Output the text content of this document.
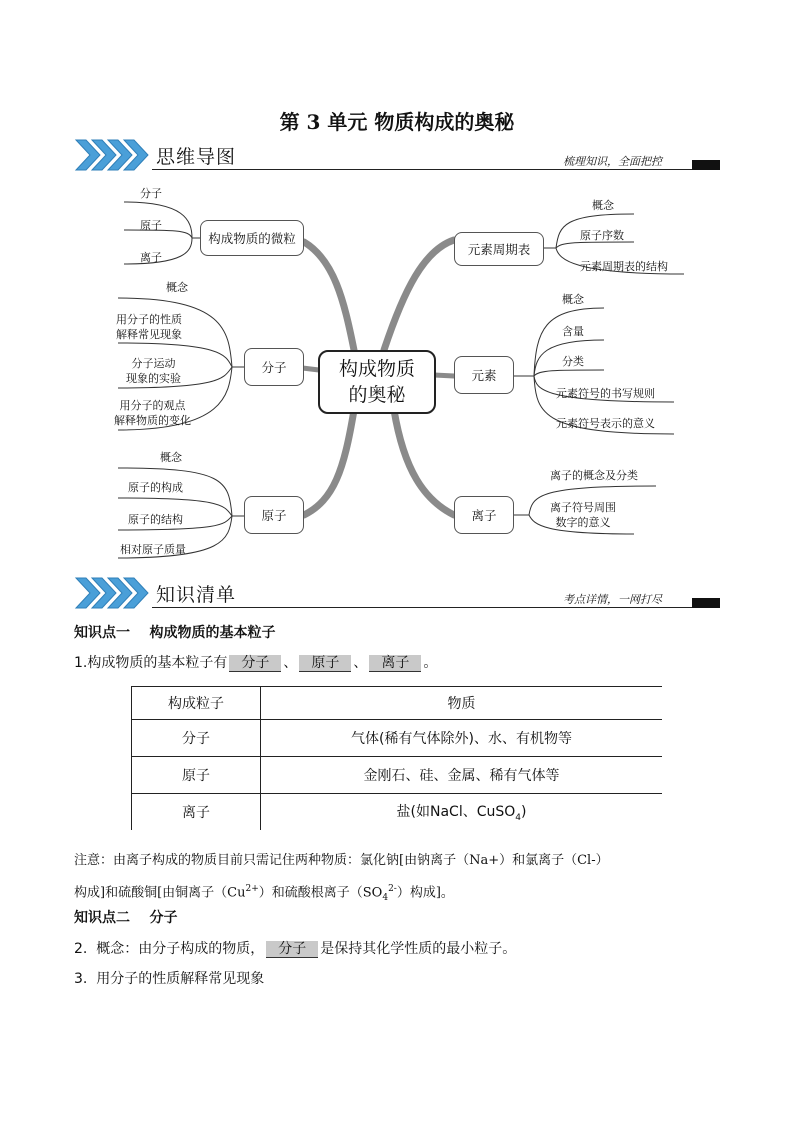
第 3 单元 物质构成的奥秘
思维导图	梳理知识，全面把控
构成物质
的奥秘
构成物质的微粒
分子
原子
元素周期表
元素
离子
分子
原子
离子
概念
用分子的性质
解释常见现象
分子运动
现象的实验
用分子的观点
解释物质的变化
概念
原子的构成
原子的结构
相对原子质量
概念
原子序数
元素周期表的结构
概念
含量
分类
元素符号的书写规则
元素符号表示的意义
离子的概念及分类
离子符号周围
数字的意义
知识清单	考点详情，一网打尽
知识点一    构成物质的基本粒子
1.构成物质的基本粒子有 分子 、 原子 、 离子 。
构成粒子	物质
分子	气体(稀有气体除外)、水、有机物等
原子	金刚石、硅、金属、稀有气体等
离子	盐(如NaCl、CuSO$_4$)
注意：由离子构成的物质目前只需记住两种物质：氯化钠[由钠离子（Na+）和氯离子（Cl-）
构成]和硫酸铜[由铜离子$(Cu^{2+})$和硫酸根离子$(SO_4^{2-})$构成]。
知识点二    分子
2.  概念：由分子构成的物质， 分子 是保持其化学性质的最小粒子。
3.  用分子的性质解释常见现象
